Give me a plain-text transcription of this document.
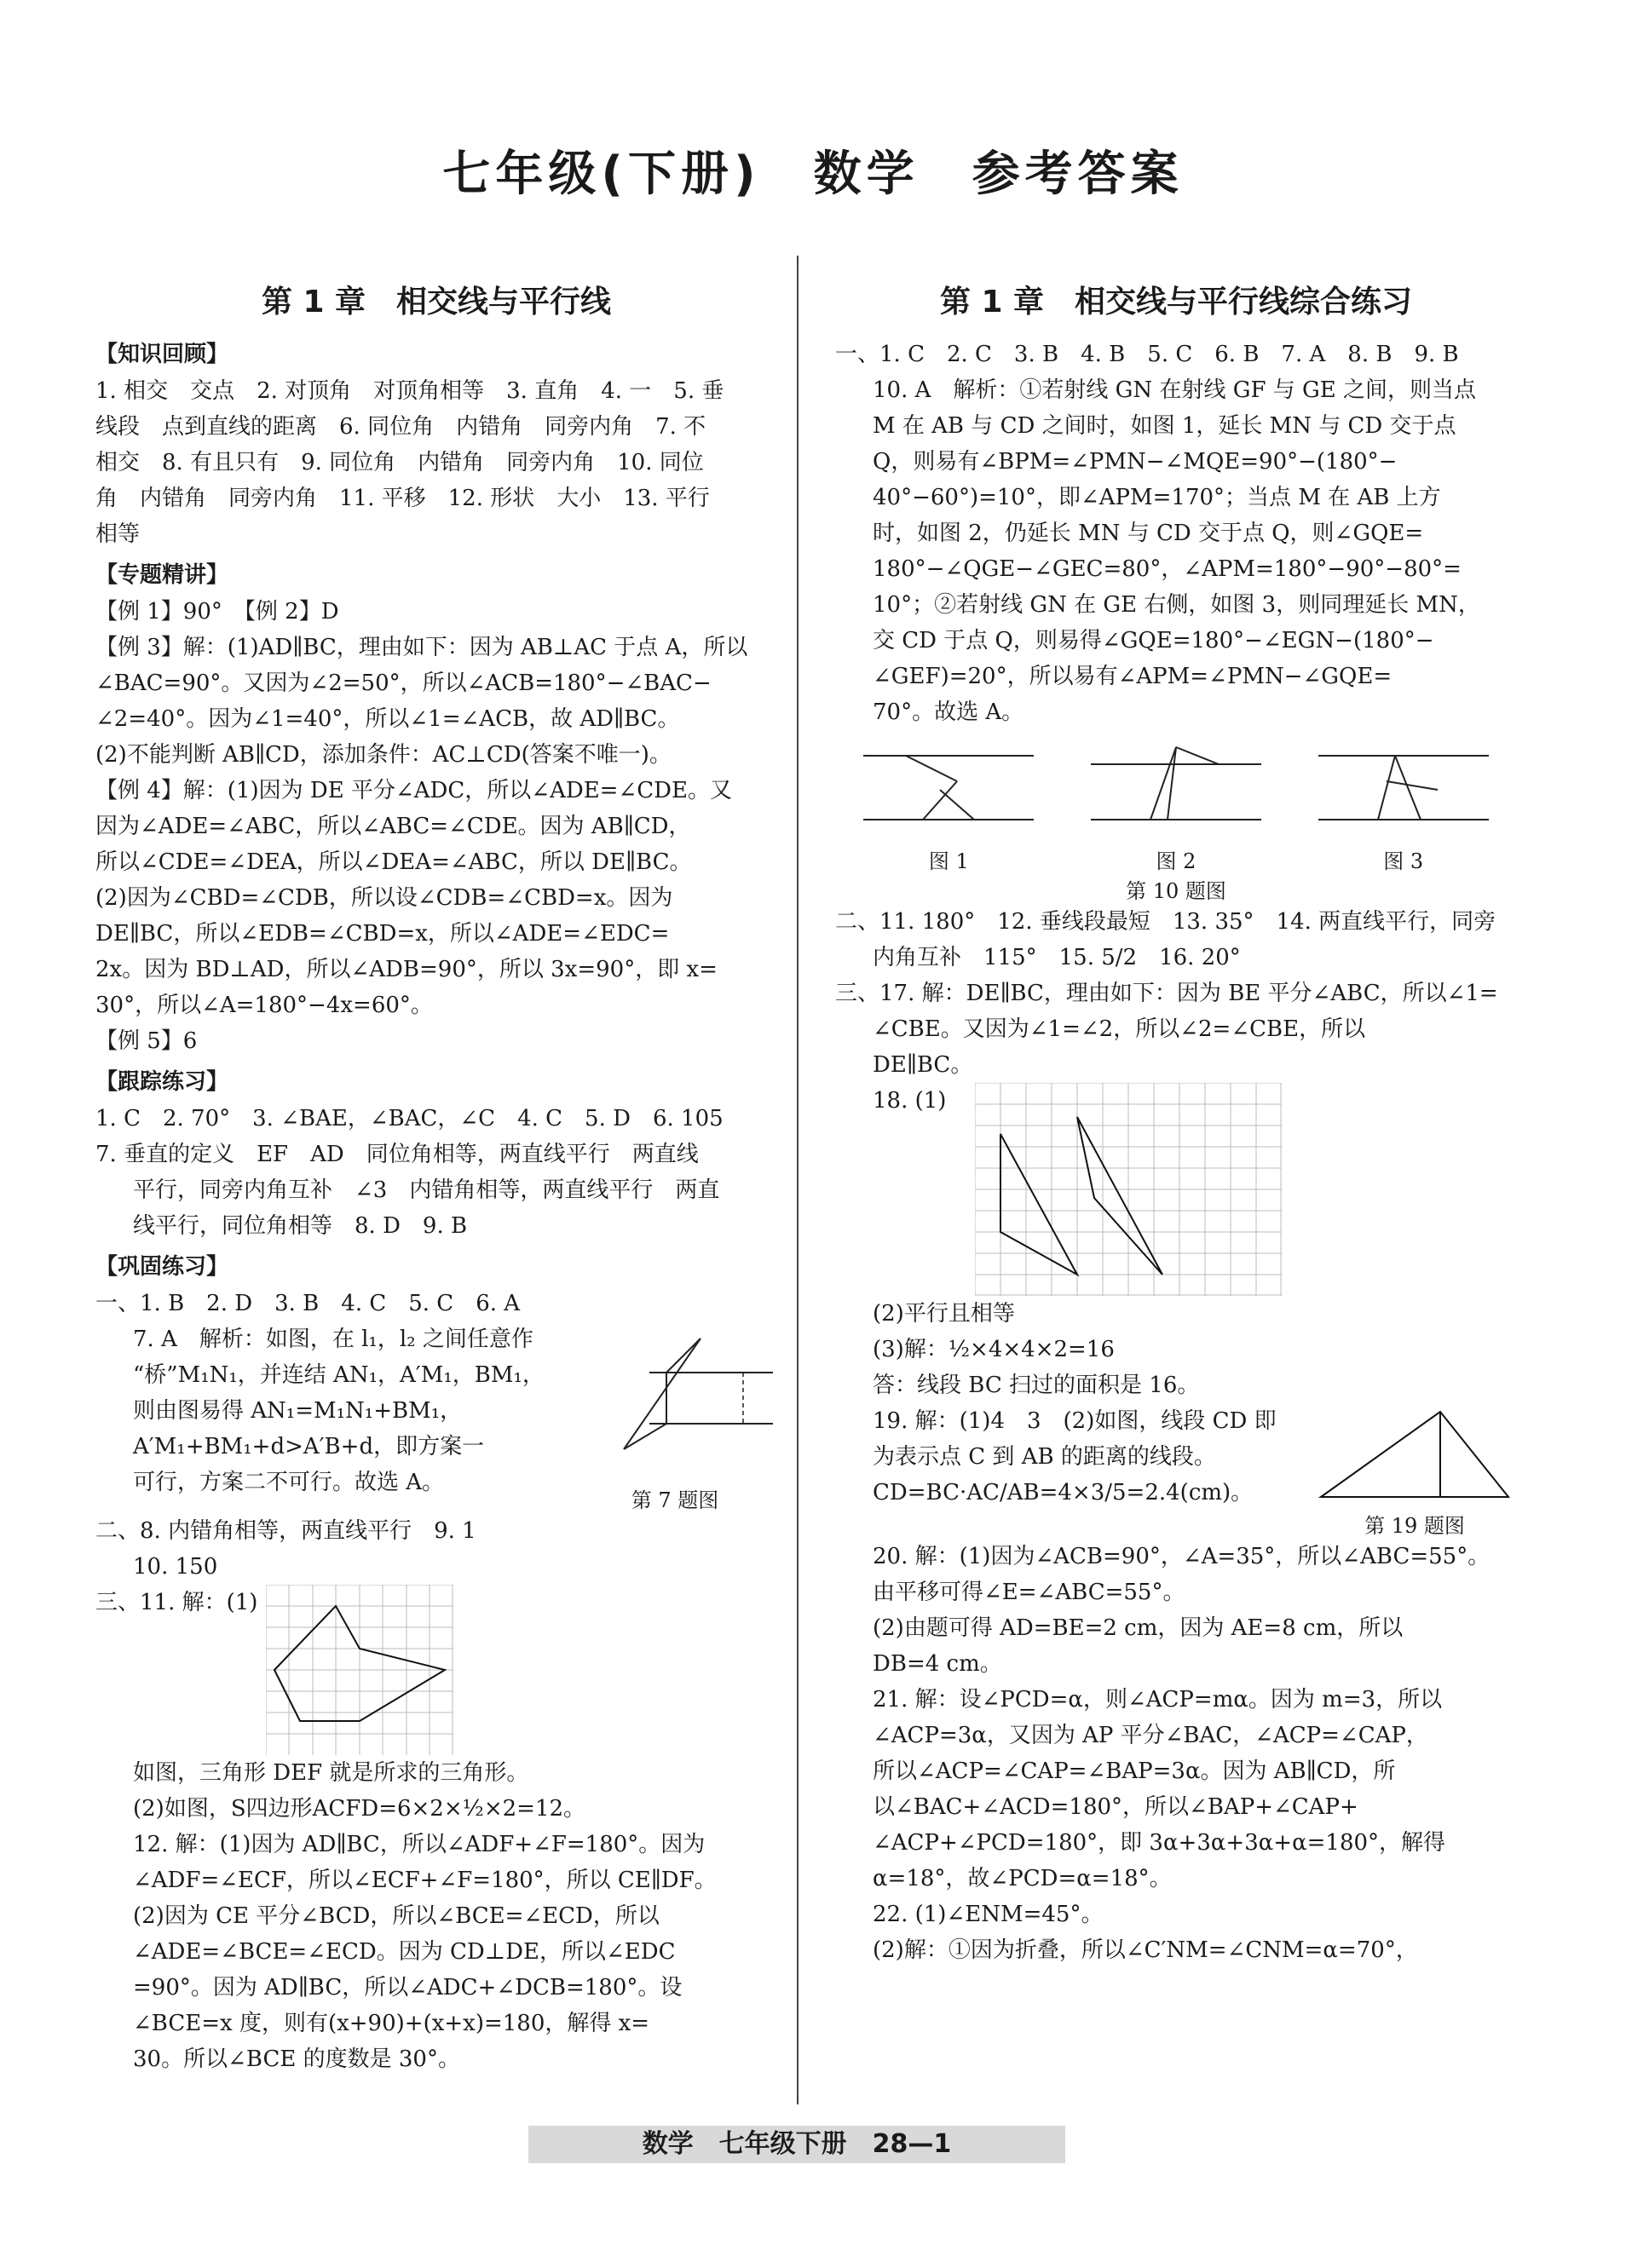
七年级(下册)　数学　参考答案
第 1 章　相交线与平行线
【知识回顾】

1. 相交　交点　2. 对顶角　对顶角相等　3. 直角　4. 一　5. 垂

线段　点到直线的距离　6. 同位角　内错角　同旁内角　7. 不

相交　8. 有且只有　9. 同位角　内错角　同旁内角　10. 同位

角　内错角　同旁内角　11. 平移　12. 形状　大小　13. 平行

相等

【专题精讲】

【例 1】90°　【例 2】D

【例 3】解：(1)AD∥BC，理由如下：因为 AB⊥AC 于点 A，所以

∠BAC=90°。又因为∠2=50°，所以∠ACB=180°−∠BAC−

∠2=40°。因为∠1=40°，所以∠1=∠ACB，故 AD∥BC。

(2)不能判断 AB∥CD，添加条件：AC⊥CD(答案不唯一)。

【例 4】解：(1)因为 DE 平分∠ADC，所以∠ADE=∠CDE。又

因为∠ADE=∠ABC，所以∠ABC=∠CDE。因为 AB∥CD，

所以∠CDE=∠DEA，所以∠DEA=∠ABC，所以 DE∥BC。

(2)因为∠CBD=∠CDB，所以设∠CDB=∠CBD=x。因为

DE∥BC，所以∠EDB=∠CBD=x，所以∠ADE=∠EDC=

2x。因为 BD⊥AD，所以∠ADB=90°，所以 3x=90°，即 x=

30°，所以∠A=180°−4x=60°。

【例 5】6

【跟踪练习】

1. C　2. 70°　3. ∠BAE，∠BAC，∠C　4. C　5. D　6. 105

7. 垂直的定义　EF　AD　同位角相等，两直线平行　两直线

平行，同旁内角互补　∠3　内错角相等，两直线平行　两直

线平行，同位角相等　8. D　9. B

【巩固练习】

一、1. B　2. D　3. B　4. C　5. C　6. A

7. A　解析：如图，在 l₁，l₂ 之间任意作

“桥”M₁N₁，并连结 AN₁，A′M₁，BM₁，

则由图易得 AN₁=M₁N₁+BM₁，

A′M₁+BM₁+d>A′B+d，即方案一

可行，方案二不可行。故选 A。

第 7 题图

二、8. 内错角相等，两直线平行　9. 1

10. 150

三、11. 解：(1)

如图，三角形 DEF 就是所求的三角形。

(2)如图，S四边形ACFD=6×2×½×2=12。

12. 解：(1)因为 AD∥BC，所以∠ADF+∠F=180°。因为

∠ADF=∠ECF，所以∠ECF+∠F=180°，所以 CE∥DF。

(2)因为 CE 平分∠BCD，所以∠BCE=∠ECD，所以

∠ADE=∠BCE=∠ECD。因为 CD⊥DE，所以∠EDC

=90°。因为 AD∥BC，所以∠ADC+∠DCB=180°。设

∠BCE=x 度，则有(x+90)+(x+x)=180，解得 x=

30。所以∠BCE 的度数是 30°。

第 1 章　相交线与平行线综合练习

一、1. C　2. C　3. B　4. B　5. C　6. B　7. A　8. B　9. B

10. A　解析：①若射线 GN 在射线 GF 与 GE 之间，则当点

M 在 AB 与 CD 之间时，如图 1，延长 MN 与 CD 交于点

Q，则易有∠BPM=∠PMN−∠MQE=90°−(180°−

40°−60°)=10°，即∠APM=170°；当点 M 在 AB 上方

时，如图 2，仍延长 MN 与 CD 交于点 Q，则∠GQE=

180°−∠QGE−∠GEC=80°，∠APM=180°−90°−80°=

10°；②若射线 GN 在 GE 右侧，如图 3，则同理延长 MN，

交 CD 于点 Q，则易得∠GQE=180°−∠EGN−(180°−

∠GEF)=20°，所以易有∠APM=∠PMN−∠GQE=

70°。故选 A。

图 1	图 2	图 3
第 10 题图

二、11. 180°　12. 垂线段最短　13. 35°　14. 两直线平行，同旁

内角互补　115°　15. 5/2　16. 20°

三、17. 解：DE∥BC，理由如下：因为 BE 平分∠ABC，所以∠1=

∠CBE。又因为∠1=∠2，所以∠2=∠CBE，所以

DE∥BC。

18. (1)

(2)平行且相等

(3)解：½×4×4×2=16

答：线段 BC 扫过的面积是 16。

19. 解：(1)4　3　(2)如图，线段 CD 即

为表示点 C 到 AB 的距离的线段。

CD=BC·AC/AB=4×3/5=2.4(cm)。

第 19 题图

20. 解：(1)因为∠ACB=90°，∠A=35°，所以∠ABC=55°。

由平移可得∠E=∠ABC=55°。

(2)由题可得 AD=BE=2 cm，因为 AE=8 cm，所以

DB=4 cm。

21. 解：设∠PCD=α，则∠ACP=mα。因为 m=3，所以

∠ACP=3α，又因为 AP 平分∠BAC，∠ACP=∠CAP，

所以∠ACP=∠CAP=∠BAP=3α。因为 AB∥CD，所

以∠BAC+∠ACD=180°，所以∠BAP+∠CAP+

∠ACP+∠PCD=180°，即 3α+3α+3α+α=180°，解得

α=18°，故∠PCD=α=18°。

22. (1)∠ENM=45°。

(2)解：①因为折叠，所以∠C′NM=∠CNM=α=70°，

数学　七年级下册　28—1
